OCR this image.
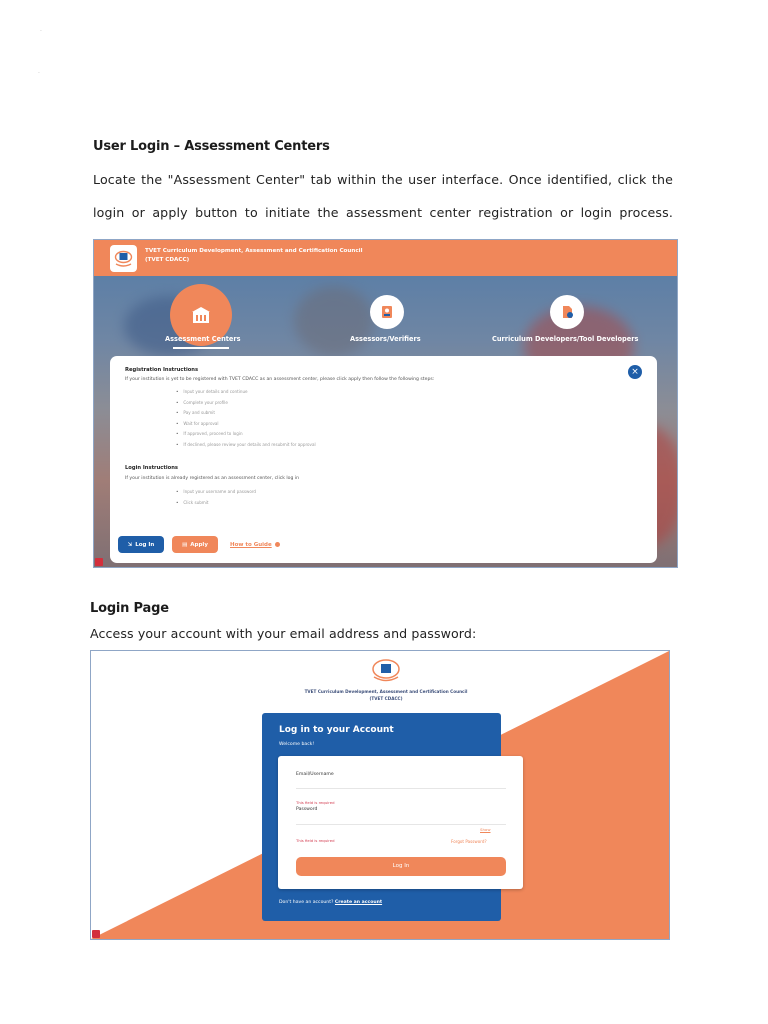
·
·
User Login – Assessment Centers
Locate the "Assessment Center" tab within the user interface. Once identified, click the
login or apply button to initiate the assessment center registration or login process.
TVET Curriculum Development, Assessment and Certification Council (TVET CDACC)
Assessment Centers	Assessors/Verifiers	Curriculum Developers/Tool Developers
×
Registration Instructions
If your institution is yet to be registered with TVET CDACC as an assessment center, please click apply then follow the following steps:
• Input your details and continue
• Complete your profile
• Pay and submit
• Wait for approval
• If approved, proceed to login
• If declined, please review your details and resubmit for approval
Login Instructions
If your institution is already registered as an assessment center, click log in
• Input your username and password
• Click submit
⇲ Log In	▤ Apply	How to Guide
Login Page
Access your account with your email address and password:
TVET Curriculum Development, Assessment and Certification Council (TVET CDACC)
Log in to your Account
Welcome back!
Email/Username
This field is required
Password
Show
This field is required	Forgot Password?
Log In
Don't have an account? Create an account
